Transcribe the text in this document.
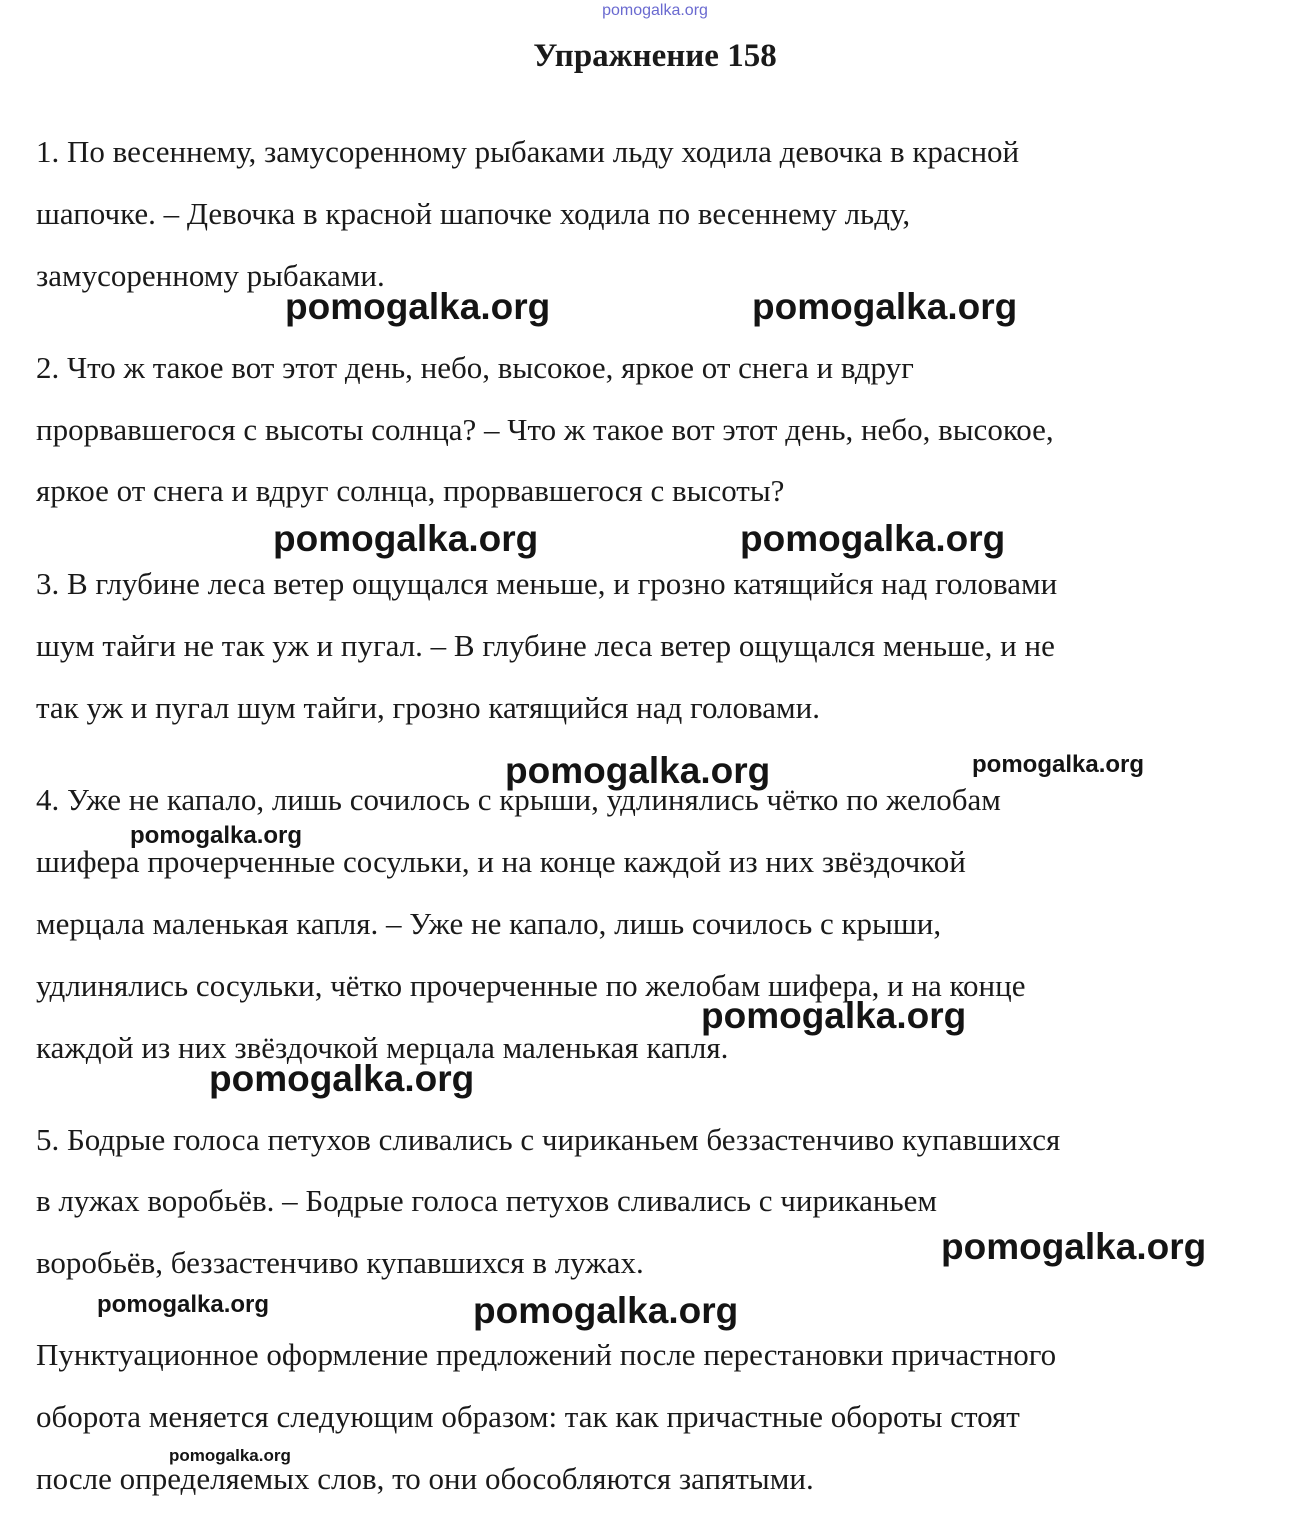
pomogalka.org
Упражнение 158

1. По весеннему, замусоренному рыбаками льду ходила девочка в красной

шапочке. – Девочка в красной шапочке ходила по весеннему льду,

замусоренному рыбаками.

2. Что ж такое вот этот день, небо, высокое, яркое от снега и вдруг

прорвавшегося с высоты солнца? – Что ж такое вот этот день, небо, высокое,

яркое от снега и вдруг солнца, прорвавшегося с высоты?

3. В глубине леса ветер ощущался меньше, и грозно катящийся над головами

шум тайги не так уж и пугал. – В глубине леса ветер ощущался меньше, и не

так уж и пугал шум тайги, грозно катящийся над головами.

4. Уже не капало, лишь сочилось с крыши, удлинялись чётко по желобам

шифера прочерченные сосульки, и на конце каждой из них звёздочкой

мерцала маленькая капля. – Уже не капало, лишь сочилось с крыши,

удлинялись сосульки, чётко прочерченные по желобам шифера, и на конце

каждой из них звёздочкой мерцала маленькая капля.

5. Бодрые голоса петухов сливались с чириканьем беззастенчиво купавшихся

в лужах воробьёв. – Бодрые голоса петухов сливались с чириканьем

воробьёв, беззастенчиво купавшихся в лужах.

Пунктуационное оформление предложений после перестановки причастного

оборота меняется следующим образом: так как причастные обороты стоят

после определяемых слов, то они обособляются запятыми.

pomogalka.org	pomogalka.org
pomogalka.org	pomogalka.org
pomogalka.org	pomogalka.org
pomogalka.org
pomogalka.org
pomogalka.org
pomogalka.org
pomogalka.org	pomogalka.org
pomogalka.org
